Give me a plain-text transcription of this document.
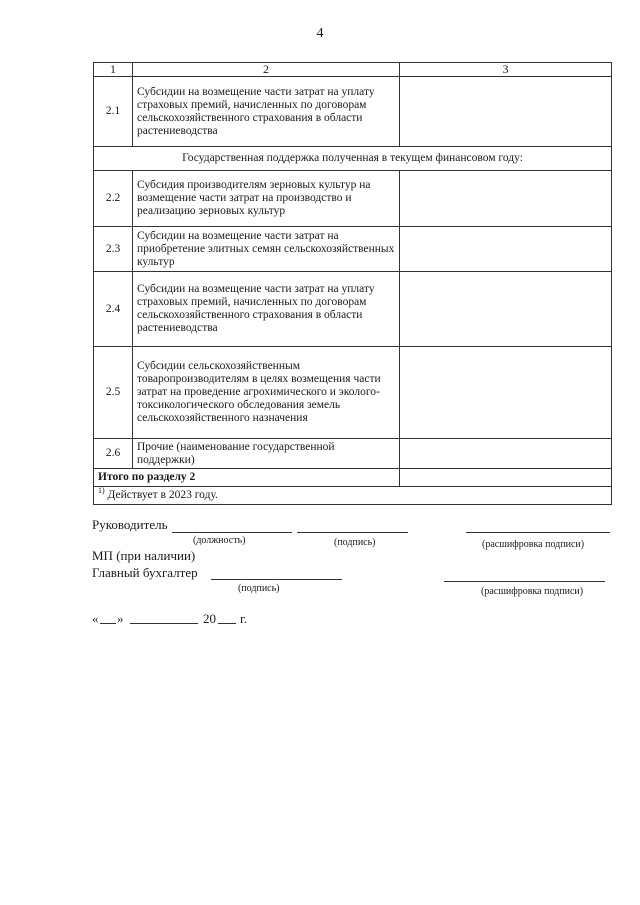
4
1	2	3
2.1	Субсидии на возмещение части затрат на уплату страховых премий, начисленных по договорам сельскохозяйственного страхования в области растениеводства	
Государственная поддержка полученная в текущем финансовом году:		
2.2	Субсидия производителям зерновых культур на возмещение части затрат на производство и реализацию зерновых культур	
2.3	Субсидии на возмещение части затрат на приобретение элитных семян сельскохозяйственных культур	
2.4	Субсидии на возмещение части затрат на уплату страховых премий, начисленных по договорам сельскохозяйственного страхования в области растениеводства	
2.5	Субсидии сельскохозяйственным товаропроизводителям в целях возмещения части затрат на проведение агрохимического и эколого-токсикологического обследования земель сельскохозяйственного назначения	
2.6	Прочие (наименование государственной поддержки)	
Итого по разделу 2		
$^{1)}$ Действует в 2023 году.		
Руководитель
(должность)	(подпись)	(расшифровка подписи)
МП (при наличии)
Главный бухгалтер
(подпись)	(расшифровка подписи)
« »	20 г.
